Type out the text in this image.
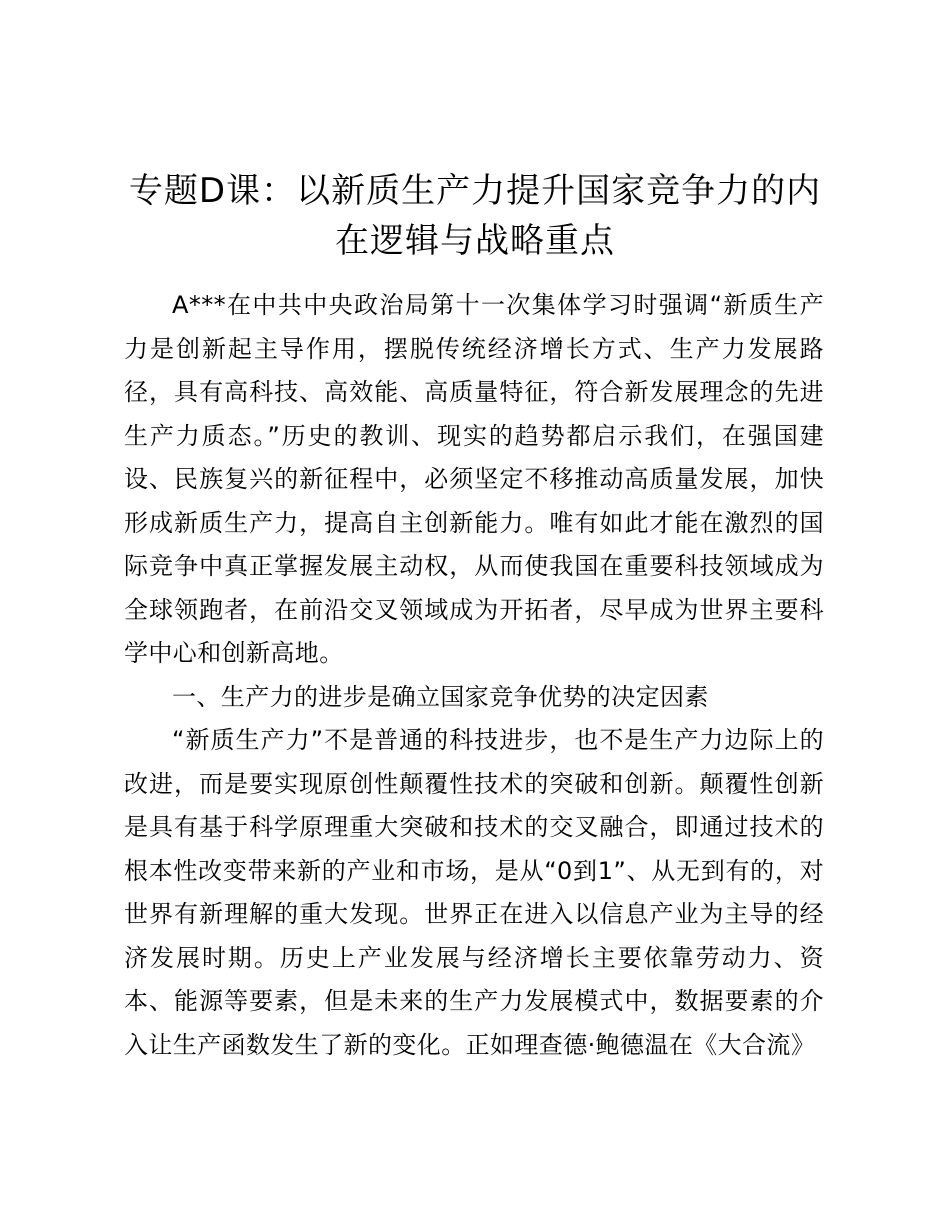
专题D课：以新质生产力提升国家竞争力的内在逻辑与战略重点

A***在中共中央政治局第十一次集体学习时强调“新质生产力是创新起主导作用，摆脱传统经济增长方式、生产力发展路径，具有高科技、高效能、高质量特征，符合新发展理念的先进生产力质态。”历史的教训、现实的趋势都启示我们，在强国建设、民族复兴的新征程中，必须坚定不移推动高质量发展，加快形成新质生产力，提高自主创新能力。唯有如此才能在激烈的国际竞争中真正掌握发展主动权，从而使我国在重要科技领域成为全球领跑者，在前沿交叉领域成为开拓者，尽早成为世界主要科学中心和创新高地。

一、生产力的进步是确立国家竞争优势的决定因素

“新质生产力”不是普通的科技进步，也不是生产力边际上的改进，而是要实现原创性颠覆性技术的突破和创新。颠覆性创新是具有基于科学原理重大突破和技术的交叉融合，即通过技术的根本性改变带来新的产业和市场，是从“0到1”、从无到有的，对世界有新理解的重大发现。世界正在进入以信息产业为主导的经济发展时期。历史上产业发展与经济增长主要依靠劳动力、资本、能源等要素，但是未来的生产力发展模式中，数据要素的介入让生产函数发生了新的变化。正如理查德·鲍德温在《大合流》
